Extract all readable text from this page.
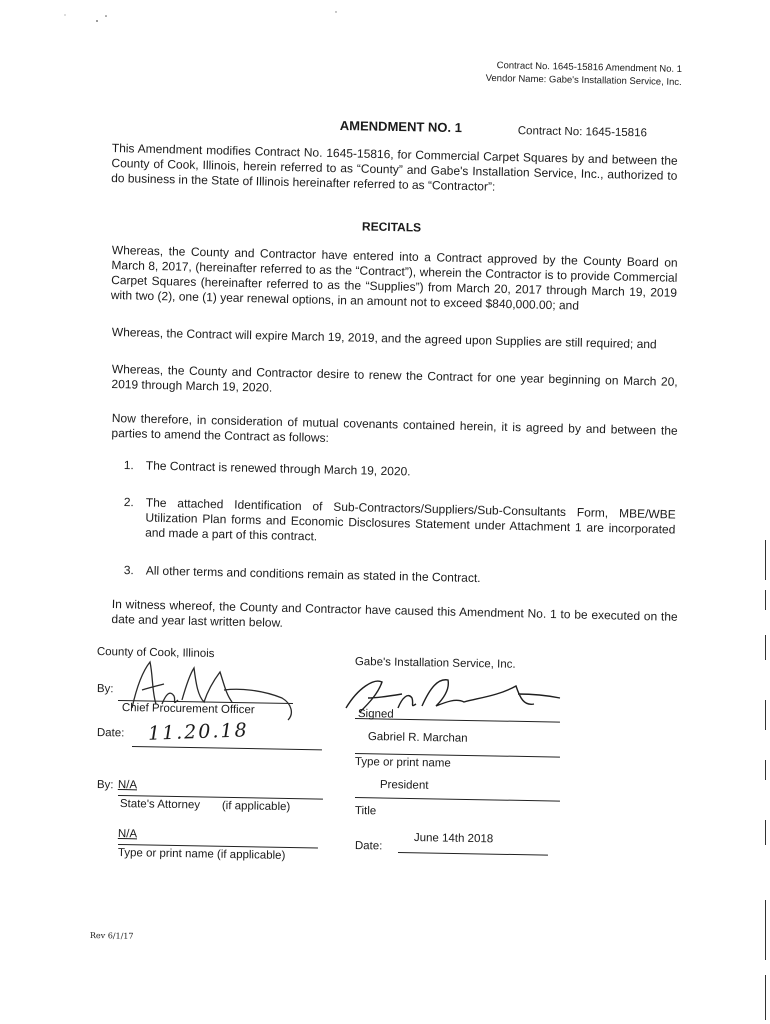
Contract No. 1645-15816 Amendment No. 1
Vendor Name: Gabe's Installation Service, Inc.
AMENDMENT NO. 1	Contract No: 1645-15816
This Amendment modifies Contract No. 1645-15816, for Commercial Carpet Squares by and between the County of Cook, Illinois, herein referred to as “County” and Gabe's Installation Service, Inc., authorized to do business in the State of Illinois hereinafter referred to as “Contractor”:
RECITALS
Whereas, the County and Contractor have entered into a Contract approved by the County Board on March 8, 2017, (hereinafter referred to as the “Contract”), wherein the Contractor is to provide Commercial Carpet Squares (hereinafter referred to as the “Supplies”) from March 20, 2017 through March 19, 2019 with two (2), one (1) year renewal options, in an amount not to exceed $840,000.00; and
Whereas, the Contract will expire March 19, 2019, and the agreed upon Supplies are still required; and
Whereas, the County and Contractor desire to renew the Contract for one year beginning on March 20, 2019 through March 19, 2020.
Now therefore, in consideration of mutual covenants contained herein, it is agreed by and between the parties to amend the Contract as follows:
1. The Contract is renewed through March 19, 2020.
2. The attached Identification of Sub-Contractors/Suppliers/Sub-Consultants Form, MBE/WBE Utilization Plan forms and Economic Disclosures Statement under Attachment 1 are incorporated and made a part of this contract.
3. All other terms and conditions remain as stated in the Contract.
In witness whereof, the County and Contractor have caused this Amendment No. 1 to be executed on the date and year last written below.
County of Cook, Illinois
By:
Chief Procurement Officer
Date: 11.20.18
By: N/A
State's Attorney (if applicable)
N/A
Type or print name (if applicable)
Gabe's Installation Service, Inc.
Signed
Gabriel R. Marchan
Type or print name
President
Title
Date:
June 14th 2018
Rev 6/1/17
